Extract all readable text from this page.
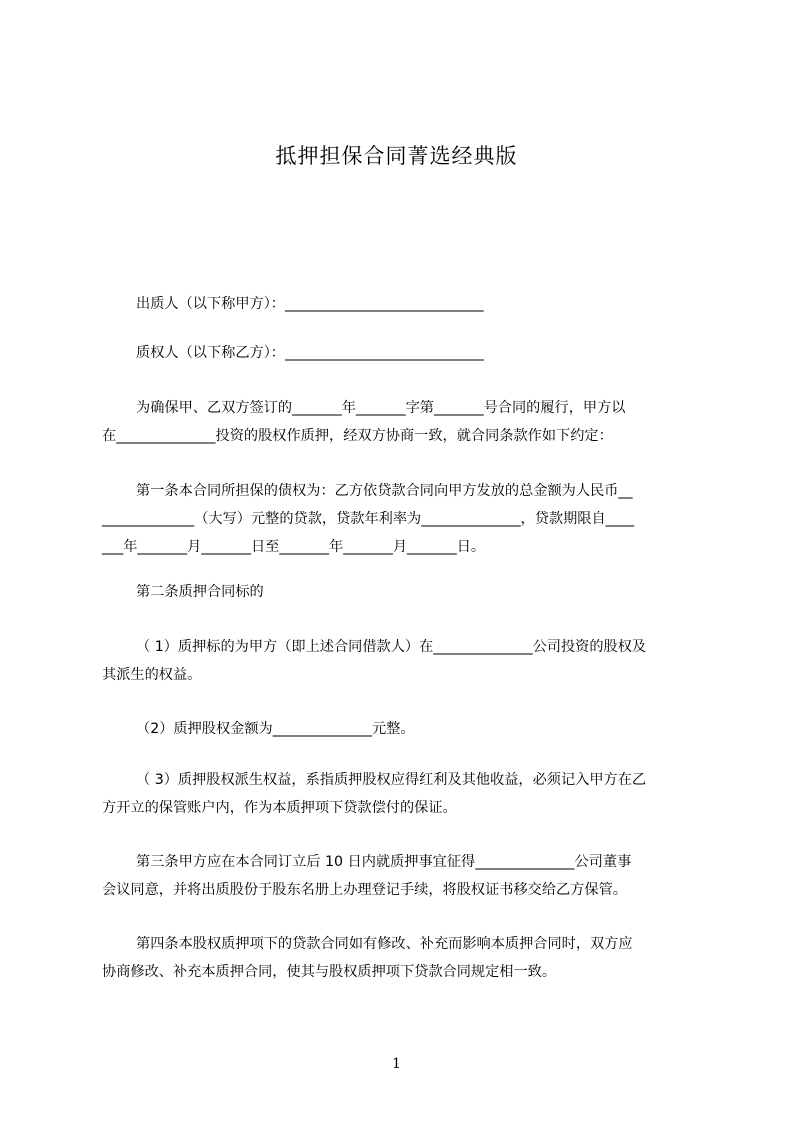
抵押担保合同菁选经典版
出质人（以下称甲方）：____________________________
质权人（以下称乙方）：____________________________
为确保甲、乙双方签订的_______年_______字第_______号合同的履行，甲方以
在______________投资的股权作质押，经双方协商一致，就合同条款作如下约定：
第一条本合同所担保的债权为：乙方依贷款合同向甲方发放的总金额为人民币__
_____________（大写）元整的贷款，贷款年利率为______________，贷款期限自____
___年_______月_______日至_______年_______月_______日。
第二条质押合同标的
（ 1）质押标的为甲方（即上述合同借款人）在______________公司投资的股权及
其派生的权益。
（2）质押股权金额为______________元整。
（ 3）质押股权派生权益，系指质押股权应得红利及其他收益，必须记入甲方在乙
方开立的保管账户内，作为本质押项下贷款偿付的保证。
第三条甲方应在本合同订立后 10 日内就质押事宜征得______________公司董事
会议同意，并将出质股份于股东名册上办理登记手续，将股权证书移交给乙方保管。
第四条本股权质押项下的贷款合同如有修改、补充而影响本质押合同时，双方应
协商修改、补充本质押合同，使其与股权质押项下贷款合同规定相一致。
1
